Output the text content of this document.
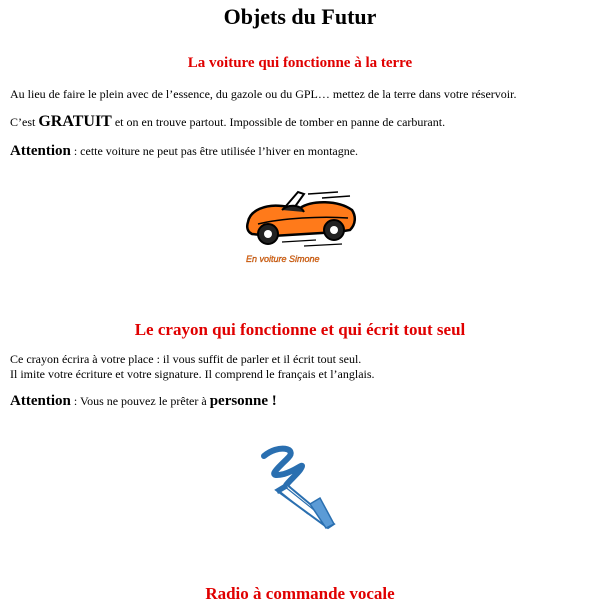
Objets du Futur
La voiture qui fonctionne à la terre

Au lieu de faire le plein avec de l’essence, du gazole ou du GPL… mettez de la terre dans votre réservoir.

C’est GRATUIT et on en trouve partout. Impossible de tomber en panne de carburant.

Attention : cette voiture ne peut pas être utilisée l’hiver en montagne.

En voiture Simone
Le crayon qui fonctionne et qui écrit tout seul

Ce crayon écrira à votre place : il vous suffit de parler et il écrit tout seul.
Il imite votre écriture et votre signature. Il comprend le français et l’anglais.

Attention : Vous ne pouvez le prêter à personne !

Radio à commande vocale
